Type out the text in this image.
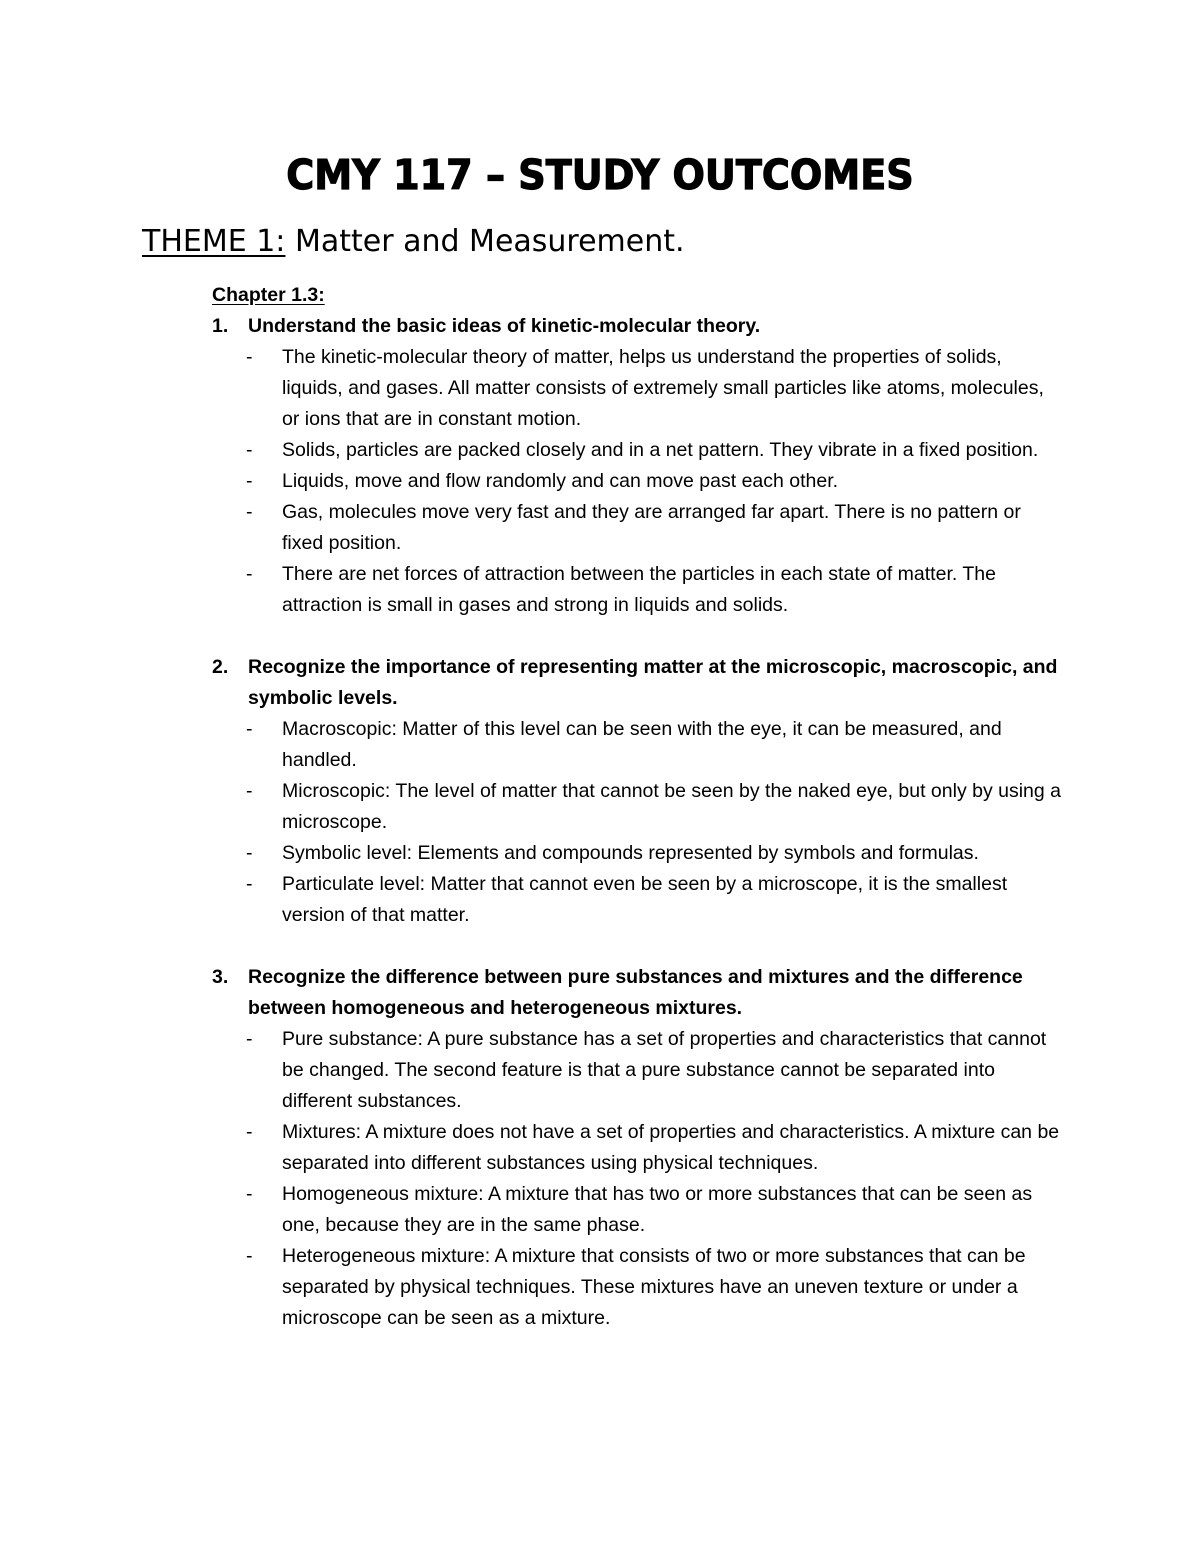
CMY 117 – STUDY OUTCOMES
THEME 1: Matter and Measurement.

Chapter 1.3:

1.	Understand the basic ideas of kinetic-molecular theory.
-	The kinetic-molecular theory of matter, helps us understand the properties of solids, liquids, and gases. All matter consists of extremely small particles like atoms, molecules, or ions that are in constant motion.
-	Solids, particles are packed closely and in a net pattern. They vibrate in a fixed position.
-	Liquids, move and flow randomly and can move past each other.
-	Gas, molecules move very fast and they are arranged far apart. There is no pattern or fixed position.
-	There are net forces of attraction between the particles in each state of matter. The attraction is small in gases and strong in liquids and solids.
2.	Recognize the importance of representing matter at the microscopic, macroscopic, and symbolic levels.
-	Macroscopic: Matter of this level can be seen with the eye, it can be measured, and handled.
-	Microscopic: The level of matter that cannot be seen by the naked eye, but only by using a microscope.
-	Symbolic level: Elements and compounds represented by symbols and formulas.
-	Particulate level: Matter that cannot even be seen by a microscope, it is the smallest version of that matter.
3.	Recognize the difference between pure substances and mixtures and the difference between homogeneous and heterogeneous mixtures.
-	Pure substance: A pure substance has a set of properties and characteristics that cannot be changed. The second feature is that a pure substance cannot be separated into different substances.
-	Mixtures: A mixture does not have a set of properties and characteristics. A mixture can be separated into different substances using physical techniques.
-	Homogeneous mixture: A mixture that has two or more substances that can be seen as one, because they are in the same phase.
-	Heterogeneous mixture: A mixture that consists of two or more substances that can be separated by physical techniques. These mixtures have an uneven texture or under a microscope can be seen as a mixture.
